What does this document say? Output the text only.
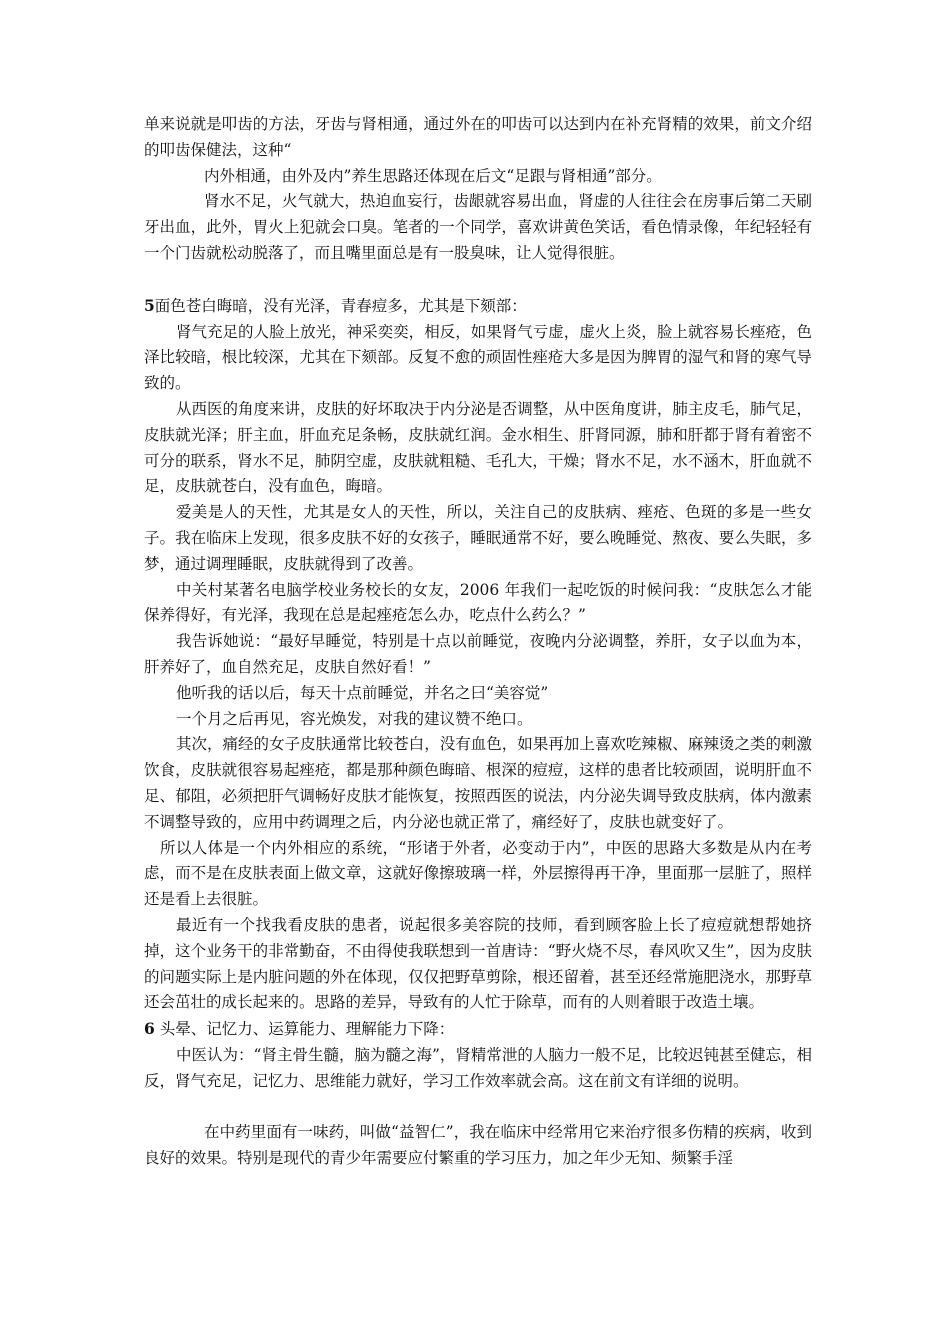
单来说就是叩齿的方法，牙齿与肾相通，通过外在的叩齿可以达到内在补充肾精的效果，前文介绍的叩齿保健法，这种“

内外相通，由外及内”养生思路还体现在后文“足跟与肾相通”部分。

肾水不足，火气就大，热迫血妄行，齿龈就容易出血，肾虚的人往往会在房事后第二天刷牙出血，此外，胃火上犯就会口臭。笔者的一个同学，喜欢讲黄色笑话，看色情录像，年纪轻轻有一个门齿就松动脱落了，而且嘴里面总是有一股臭味，让人觉得很脏。

5面色苍白晦暗，没有光泽，青春痘多，尤其是下颏部：

肾气充足的人脸上放光，神采奕奕，相反，如果肾气亏虚，虚火上炎，脸上就容易长痤疮，色泽比较暗，根比较深，尤其在下颏部。反复不愈的顽固性痤疮大多是因为脾胃的湿气和肾的寒气导致的。

从西医的角度来讲，皮肤的好坏取决于内分泌是否调整，从中医角度讲，肺主皮毛，肺气足，皮肤就光泽；肝主血，肝血充足条畅，皮肤就红润。金水相生、肝肾同源，肺和肝都于肾有着密不可分的联系，肾水不足，肺阴空虚，皮肤就粗糙、毛孔大，干燥；肾水不足，水不涵木，肝血就不足，皮肤就苍白，没有血色，晦暗。

爱美是人的天性，尤其是女人的天性，所以，关注自己的皮肤病、痤疮、色斑的多是一些女子。我在临床上发现，很多皮肤不好的女孩子，睡眠通常不好，要么晚睡觉、熬夜、要么失眠，多梦，通过调理睡眠，皮肤就得到了改善。

中关村某著名电脑学校业务校长的女友，2006 年我们一起吃饭的时候问我：“皮肤怎么才能保养得好，有光泽，我现在总是起痤疮怎么办，吃点什么药么？”

我告诉她说：“最好早睡觉，特别是十点以前睡觉，夜晚内分泌调整，养肝，女子以血为本，肝养好了，血自然充足，皮肤自然好看！”

他听我的话以后，每天十点前睡觉，并名之曰“美容觉”

一个月之后再见，容光焕发，对我的建议赞不绝口。

其次，痛经的女子皮肤通常比较苍白，没有血色，如果再加上喜欢吃辣椒、麻辣烫之类的刺激饮食，皮肤就很容易起痤疮，都是那种颜色晦暗、根深的痘痘，这样的患者比较顽固，说明肝血不足、郁阻，必须把肝气调畅好皮肤才能恢复，按照西医的说法，内分泌失调导致皮肤病，体内激素不调整导致的，应用中药调理之后，内分泌也就正常了，痛经好了，皮肤也就变好了。

所以人体是一个内外相应的系统，“形诸于外者，必变动于内”，中医的思路大多数是从内在考虑，而不是在皮肤表面上做文章，这就好像擦玻璃一样，外层擦得再干净，里面那一层脏了，照样还是看上去很脏。

最近有一个找我看皮肤的患者，说起很多美容院的技师，看到顾客脸上长了痘痘就想帮她挤掉，这个业务干的非常勤奋，不由得使我联想到一首唐诗：“野火烧不尽，春风吹又生”，因为皮肤的问题实际上是内脏问题的外在体现，仅仅把野草剪除，根还留着，甚至还经常施肥浇水，那野草还会茁壮的成长起来的。思路的差异，导致有的人忙于除草，而有的人则着眼于改造土壤。

6 头晕、记忆力、运算能力、理解能力下降：

中医认为：“肾主骨生髓，脑为髓之海”，肾精常泄的人脑力一般不足，比较迟钝甚至健忘，相反，肾气充足，记忆力、思维能力就好，学习工作效率就会高。这在前文有详细的说明。

在中药里面有一味药，叫做“益智仁”，我在临床中经常用它来治疗很多伤精的疾病，收到良好的效果。特别是现代的青少年需要应付繁重的学习压力，加之年少无知、频繁手淫
